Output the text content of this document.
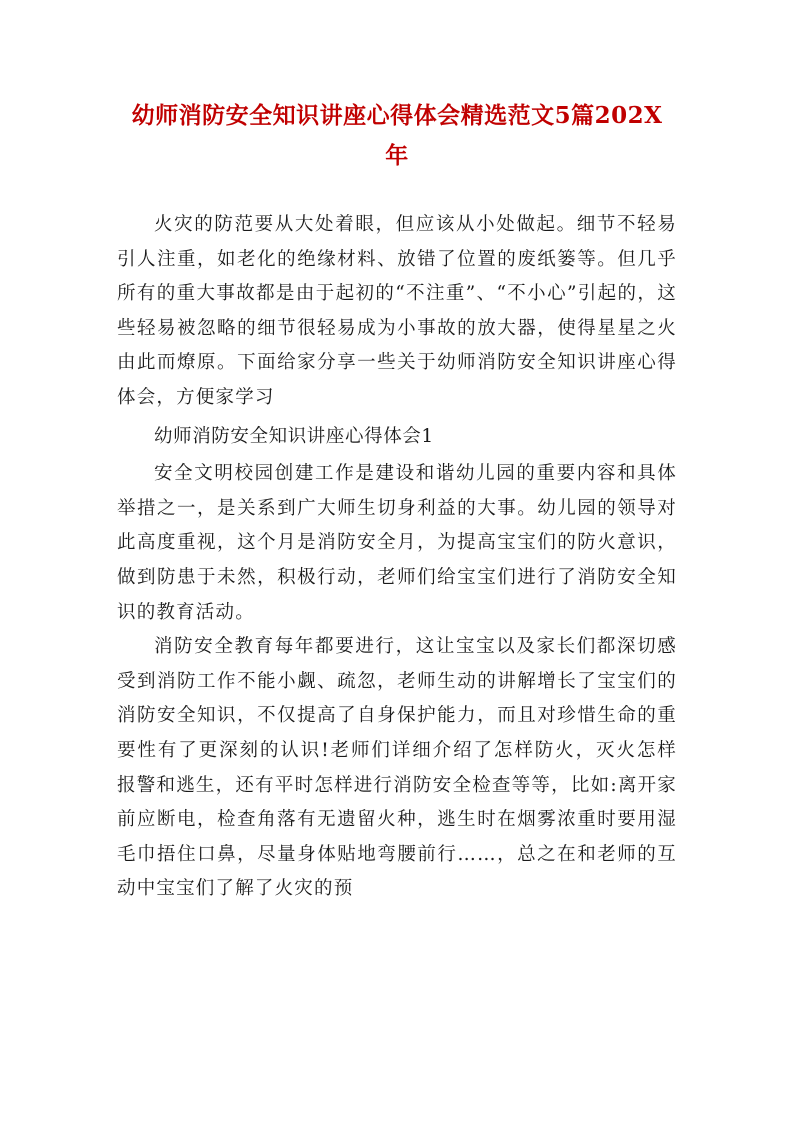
幼师消防安全知识讲座心得体会精选范文5篇202X
年

火灾的防范要从大处着眼，但应该从小处做起。细节不轻易引人注重，如老化的绝缘材料、放错了位置的废纸篓等。但几乎所有的重大事故都是由于起初的“不注重”、“不小心”引起的，这些轻易被忽略的细节很轻易成为小事故的放大器，使得星星之火由此而燎原。下面给家分享一些关于幼师消防安全知识讲座心得体会，方便家学习

幼师消防安全知识讲座心得体会1

安全文明校园创建工作是建设和谐幼儿园的重要内容和具体举措之一，是关系到广大师生切身利益的大事。幼儿园的领导对此高度重视，这个月是消防安全月，为提高宝宝们的防火意识，做到防患于未然，积极行动，老师们给宝宝们进行了消防安全知识的教育活动。

消防安全教育每年都要进行，这让宝宝以及家长们都深切感受到消防工作不能小觑、疏忽，老师生动的讲解增长了宝宝们的消防安全知识，不仅提高了自身保护能力，而且对珍惜生命的重要性有了更深刻的认识!老师们详细介绍了怎样防火，灭火怎样报警和逃生，还有平时怎样进行消防安全检查等等，比如:离开家前应断电，检查角落有无遗留火种，逃生时在烟雾浓重时要用湿毛巾捂住口鼻，尽量身体贴地弯腰前行……，总之在和老师的互动中宝宝们了解了火灾的预
